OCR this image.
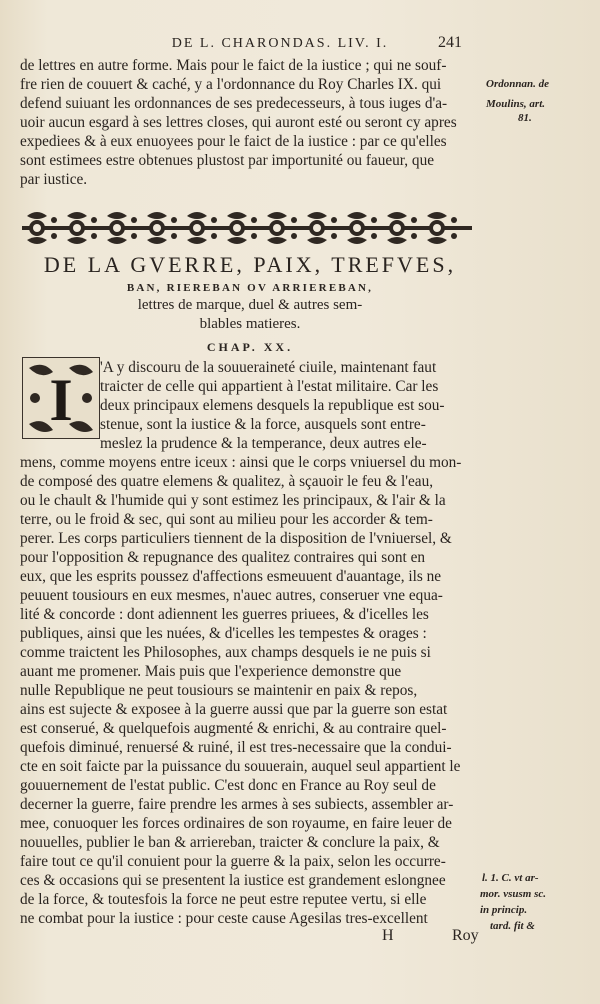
DE L. CHARONDAS. LIV. I.	241
de lettres en autre forme. Mais pour le faict de la iustice ; qui ne souf-
fre rien de couuert & caché, y a l'ordonnance du Roy Charles IX. qui
defend suiuant les ordonnances de ses predecesseurs, à tous iuges d'a-
uoir aucun esgard à ses lettres closes, qui auront esté ou seront cy apres
expediees & à eux enuoyees pour le faict de la iustice : par ce qu'elles
sont estimees estre obtenues plustost par importunité ou faueur, que
par iustice.
Ordonnan. de
Moulins, art.
81.
DE LA GVERRE, PAIX, TREFVES,
BAN, RIEREBAN OV ARRIEREBAN,
lettres de marque, duel & autres sem-
blables matieres.
CHAP. XX.
I	'A y discouru de la souueraineté ciuile, maintenant faut
traicter de celle qui appartient à l'estat militaire. Car les
deux principaux elemens desquels la republique est sou-
stenue, sont la iustice & la force, ausquels sont entre-
meslez la prudence & la temperance, deux autres ele-
mens, comme moyens entre iceux : ainsi que le corps vniuersel du mon-
de composé des quatre elemens & qualitez, à sçauoir le feu & l'eau,
ou le chault & l'humide qui y sont estimez les principaux, & l'air & la
terre, ou le froid & sec, qui sont au milieu pour les accorder & tem-
perer. Les corps particuliers tiennent de la disposition de l'vniuersel, &
pour l'opposition & repugnance des qualitez contraires qui sont en
eux, que les esprits poussez d'affections esmeuuent d'auantage, ils ne
peuuent tousiours en eux mesmes, n'auec autres, conseruer vne equa-
lité & concorde : dont adiennent les guerres priuees, & d'icelles les
publiques, ainsi que les nuées, & d'icelles les tempestes & orages :
comme traictent les Philosophes, aux champs desquels ie ne puis si
auant me promener. Mais puis que l'experience demonstre que
nulle Republique ne peut tousiours se maintenir en paix & repos,
ains est sujecte & exposee à la guerre aussi que par la guerre son estat
est conserué, & quelquefois augmenté & enrichi, & au contraire quel-
quefois diminué, renuersé & ruiné, il est tres-necessaire que la condui-
cte en soit faicte par la puissance du souuerain, auquel seul appartient le
gouuernement de l'estat public. C'est donc en France au Roy seul de
decerner la guerre, faire prendre les armes à ses subiects, assembler ar-
mee, conuoquer les forces ordinaires de son royaume, en faire leuer de
nouuelles, publier le ban & arriereban, traicter & conclure la paix, &
faire tout ce qu'il conuient pour la guerre & la paix, selon les occurre-
ces & occasions qui se presentent la iustice est grandement eslongnee
de la force, & toutesfois la force ne peut estre reputee vertu, si elle
ne combat pour la iustice : pour ceste cause Agesilas tres-excellent
l. 1. C. vt ar-
mor. vsusm sc.
in princip.
tard. fit &
H	Roy
